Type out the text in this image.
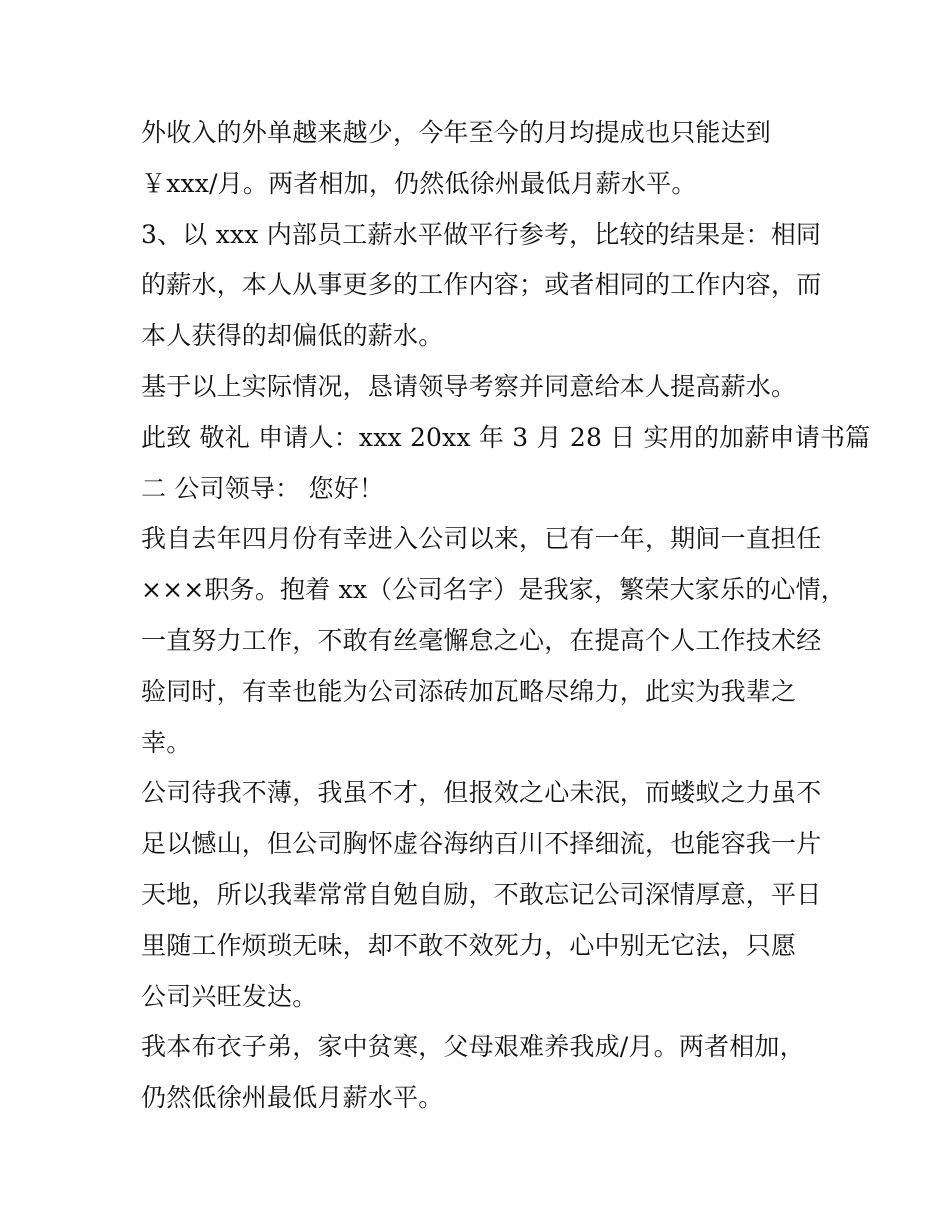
外收入的外单越来越少，今年至今的月均提成也只能达到
￥xxx/月。两者相加，仍然低徐州最低月薪水平。
3、以 xxx 内部员工薪水平做平行参考，比较的结果是：相同
的薪水，本人从事更多的工作内容；或者相同的工作内容，而
本人获得的却偏低的薪水。
基于以上实际情况，恳请领导考察并同意给本人提高薪水。
此致 敬礼 申请人：xxx 20xx 年 3 月 28 日 实用的加薪申请书篇
二 公司领导： 您好！
我自去年四月份有幸进入公司以来，已有一年，期间一直担任
×××职务。抱着 xx（公司名字）是我家，繁荣大家乐的心情，
一直努力工作，不敢有丝毫懈怠之心，在提高个人工作技术经
验同时，有幸也能为公司添砖加瓦略尽绵力，此实为我辈之
幸。
公司待我不薄，我虽不才，但报效之心未泯，而蝼蚁之力虽不
足以憾山，但公司胸怀虚谷海纳百川不择细流，也能容我一片
天地，所以我辈常常自勉自励，不敢忘记公司深情厚意，平日
里随工作烦琐无味，却不敢不效死力，心中别无它法，只愿
公司兴旺发达。
我本布衣子弟，家中贫寒，父母艰难养我成/月。两者相加，
仍然低徐州最低月薪水平。
